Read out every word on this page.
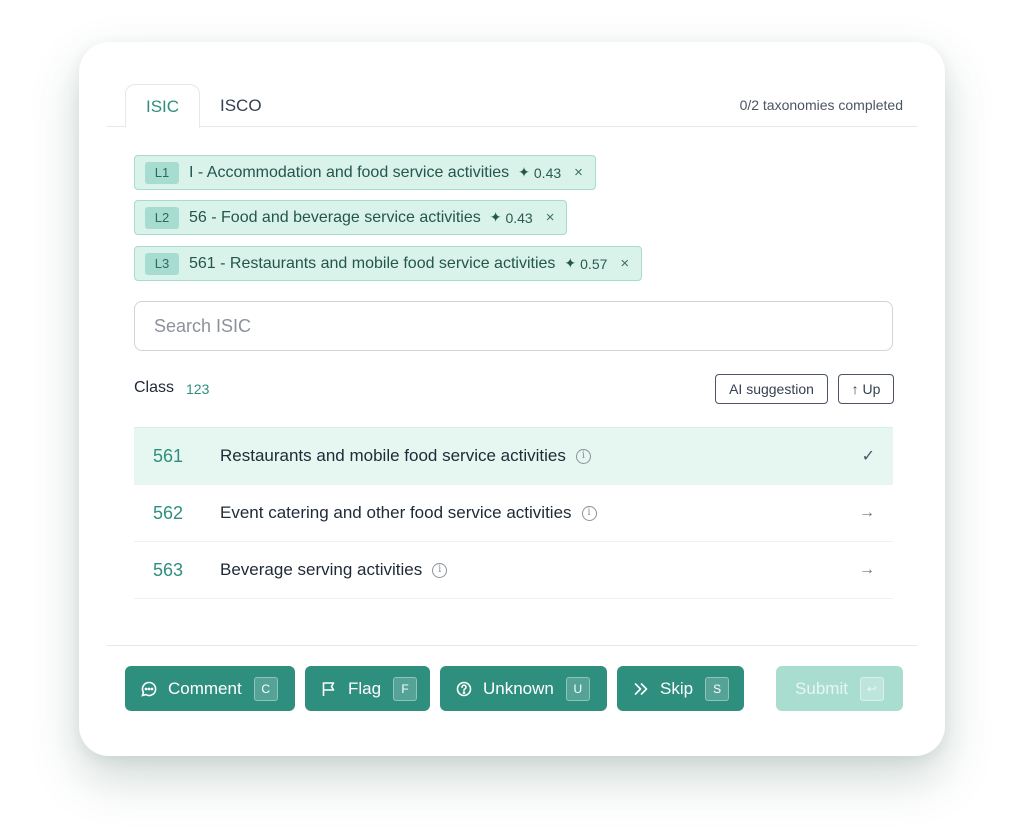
ISIC	ISCO	0/2 taxonomies completed
L1	I - Accommodation and food service activities ✦ 0.43 ×
L2	56 - Food and beverage service activities ✦ 0.43 ×
L3	561 - Restaurants and mobile food service activities ✦ 0.57 ×
Search ISIC
Class 123	AI suggestion	↑ Up
561	Restaurants and mobile food service activities	i	✓
562	Event catering and other food service activities	i	→
563	Beverage serving activities	i	→
Comment	C	Flag	F	Unknown	U	Skip	S	Submit	↩
